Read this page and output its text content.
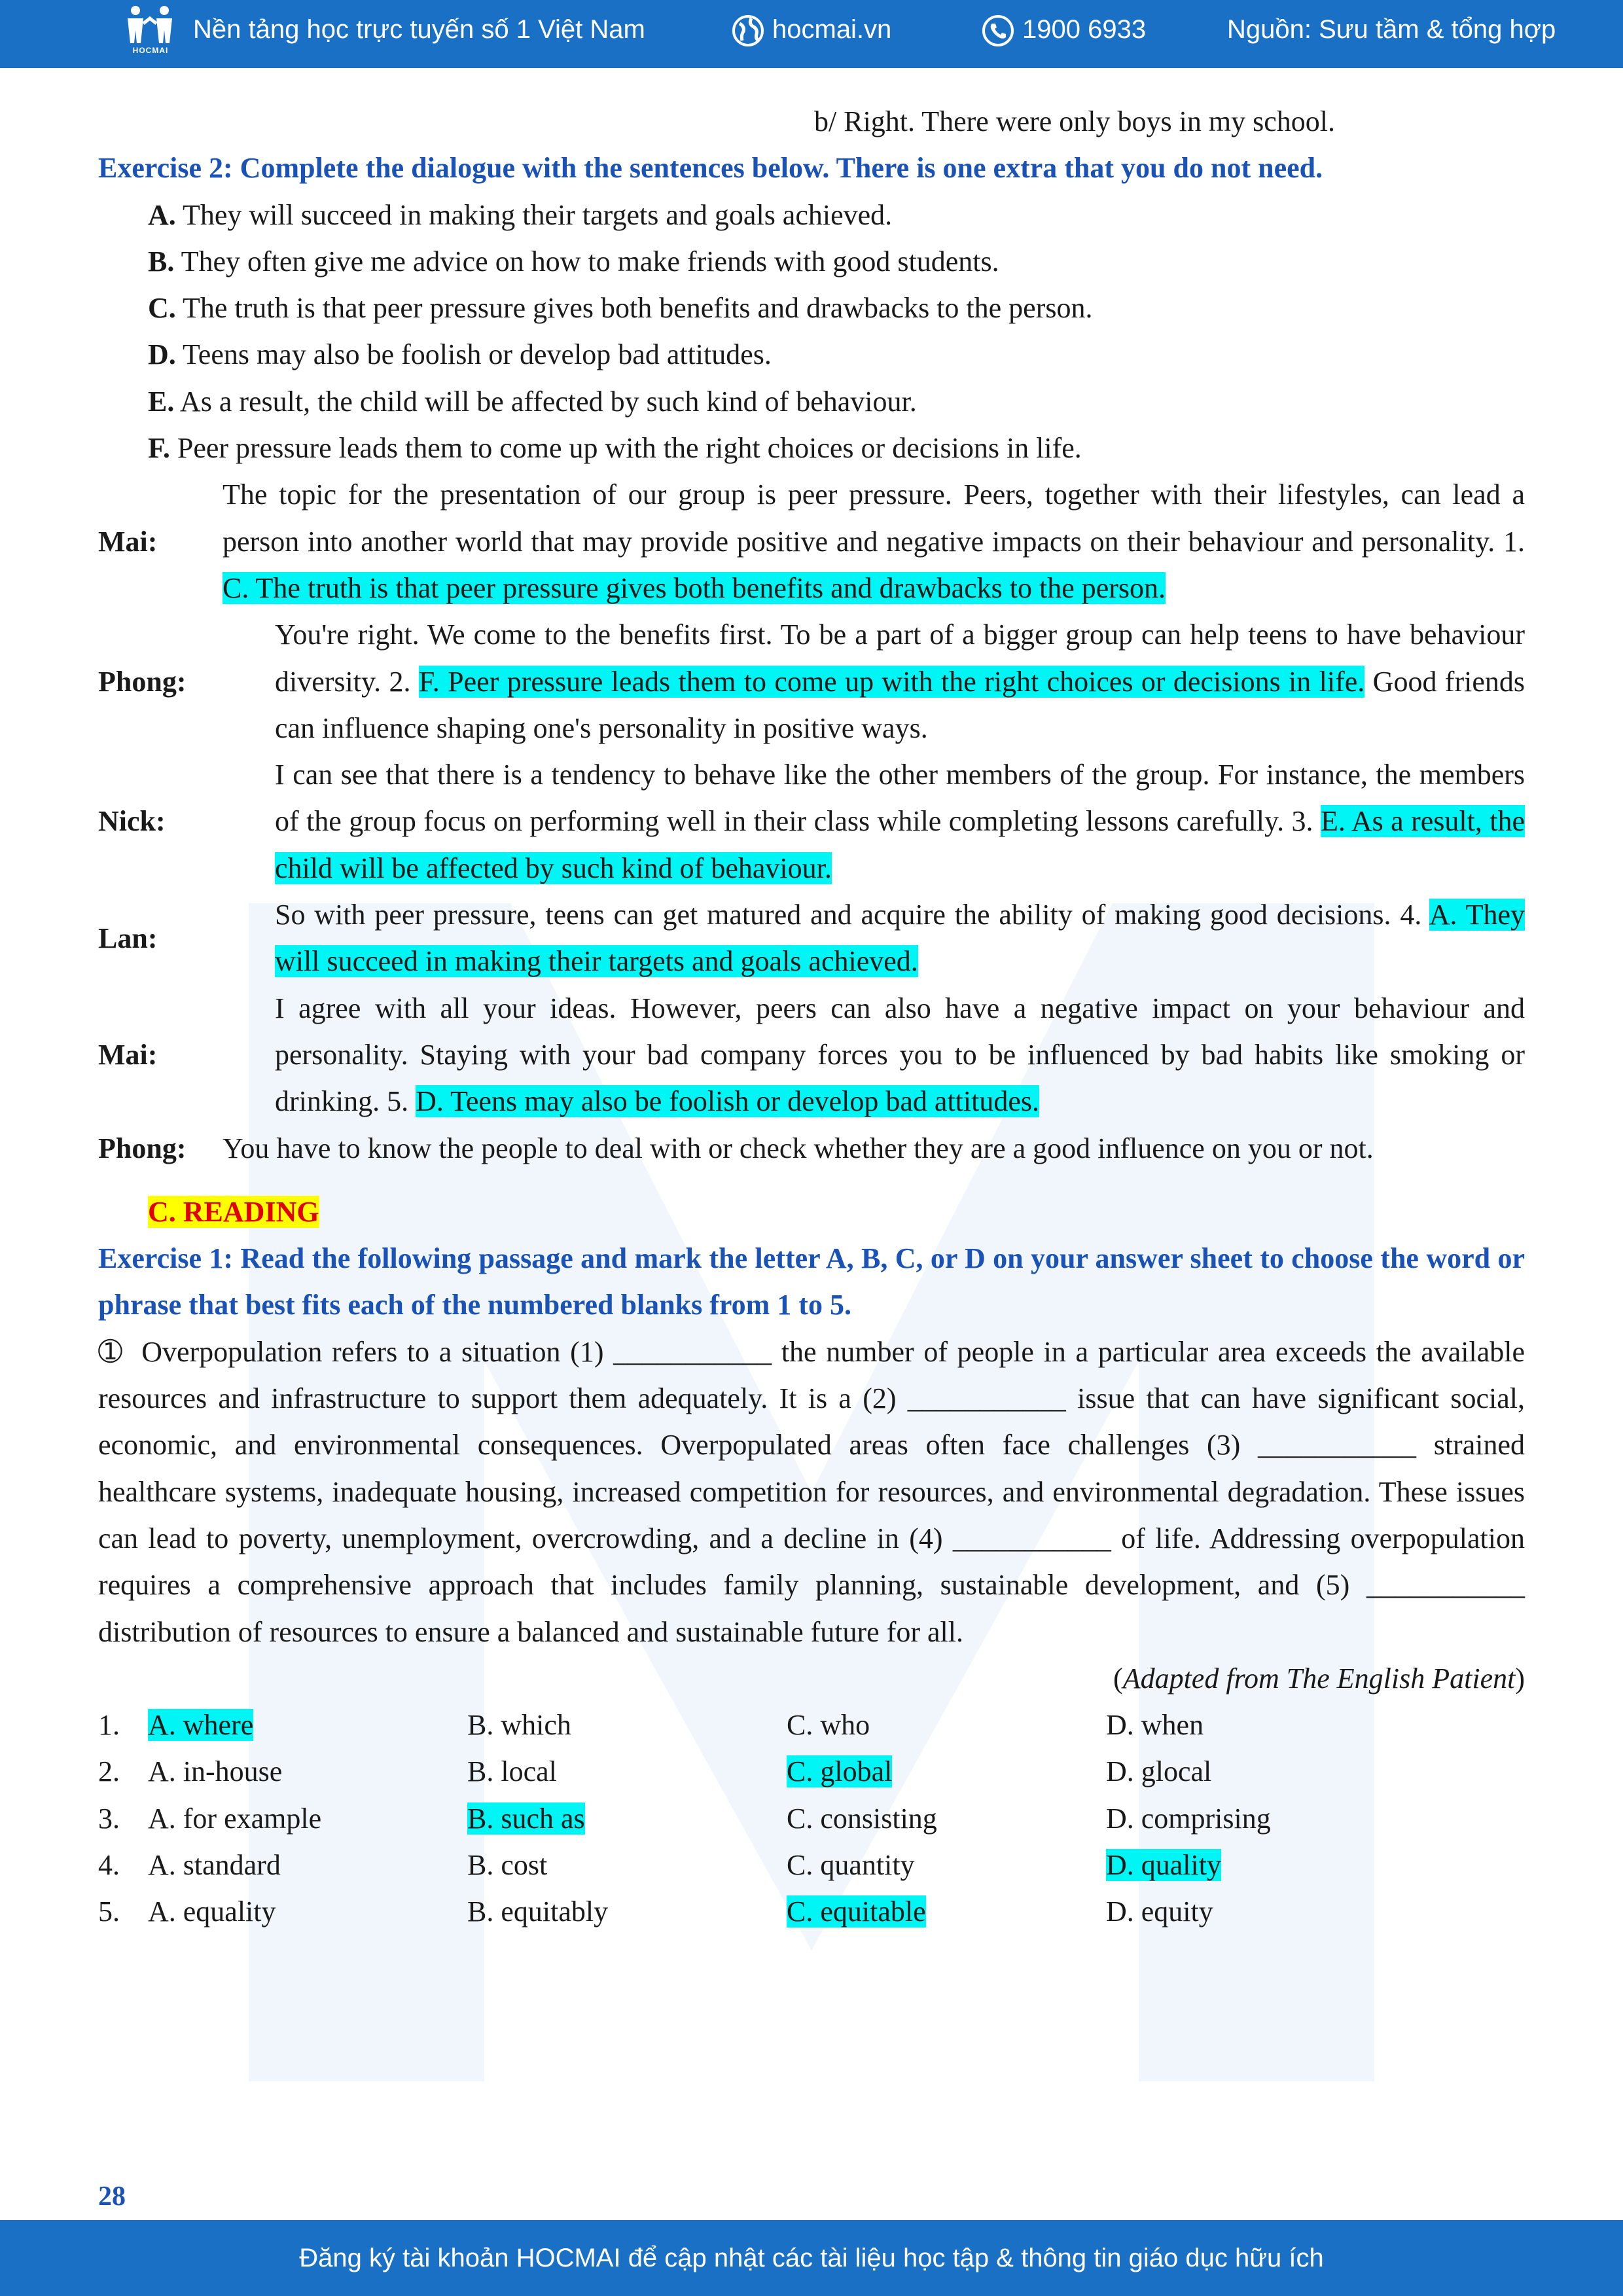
HOCMAI
Nền tảng học trực tuyến số 1 Việt Nam	hocmai.vn	1900 6933	Nguồn: Sưu tầm & tổng hợp
b/ Right. There were only boys in my school.
Exercise 2: Complete the dialogue with the sentences below. There is one extra that you do not need.
A. They will succeed in making their targets and goals achieved.
B. They often give me advice on how to make friends with good students.
C. The truth is that peer pressure gives both benefits and drawbacks to the person.
D. Teens may also be foolish or develop bad attitudes.
E. As a result, the child will be affected by such kind of behaviour.
F. Peer pressure leads them to come up with the right choices or decisions in life.
Mai:
The topic for the presentation of our group is peer pressure. Peers, together with their lifestyles, can lead a person into another world that may provide positive and negative impacts on their behaviour and personality. 1. C. The truth is that peer pressure gives both benefits and drawbacks to the person.
Phong:
You're right. We come to the benefits first. To be a part of a bigger group can help teens to have behaviour diversity. 2. F. Peer pressure leads them to come up with the right choices or decisions in life. Good friends can influence shaping one's personality in positive ways.
Nick:
I can see that there is a tendency to behave like the other members of the group. For instance, the members of the group focus on performing well in their class while completing lessons carefully. 3. E. As a result, the child will be affected by such kind of behaviour.
Lan:
So with peer pressure, teens can get matured and acquire the ability of making good decisions. 4. A. They will succeed in making their targets and goals achieved.
Mai:
I agree with all your ideas. However, peers can also have a negative impact on your behaviour and personality. Staying with your bad company forces you to be influenced by bad habits like smoking or drinking. 5. D. Teens may also be foolish or develop bad attitudes.
Phong:	You have to know the people to deal with or check whether they are a good influence on you or not.
C. READING
Exercise 1: Read the following passage and mark the letter A, B, C, or D on your answer sheet to choose the word or phrase that best fits each of the numbered blanks from 1 to 5.

➀ Overpopulation refers to a situation (1) ___________ the number of people in a particular area exceeds the available resources and infrastructure to support them adequately. It is a (2) ___________ issue that can have significant social, economic, and environmental consequences. Overpopulated areas often face challenges (3) ___________ strained healthcare systems, inadequate housing, increased competition for resources, and environmental degradation. These issues can lead to poverty, unemployment, overcrowding, and a decline in (4) ___________ of life. Addressing overpopulation requires a comprehensive approach that includes family planning, sustainable development, and (5) ___________ distribution of resources to ensure a balanced and sustainable future for all.

(Adapted from The English Patient)
1. A. where	B. which	C. who	D. when
2. A. in-house	B. local	C. global	D. glocal
3. A. for example	B. such as	C. consisting	D. comprising
4. A. standard	B. cost	C. quantity	D. quality
5. A. equality	B. equitably	C. equitable	D. equity
28
Đăng ký tài khoản HOCMAI để cập nhật các tài liệu học tập & thông tin giáo dục hữu ích
